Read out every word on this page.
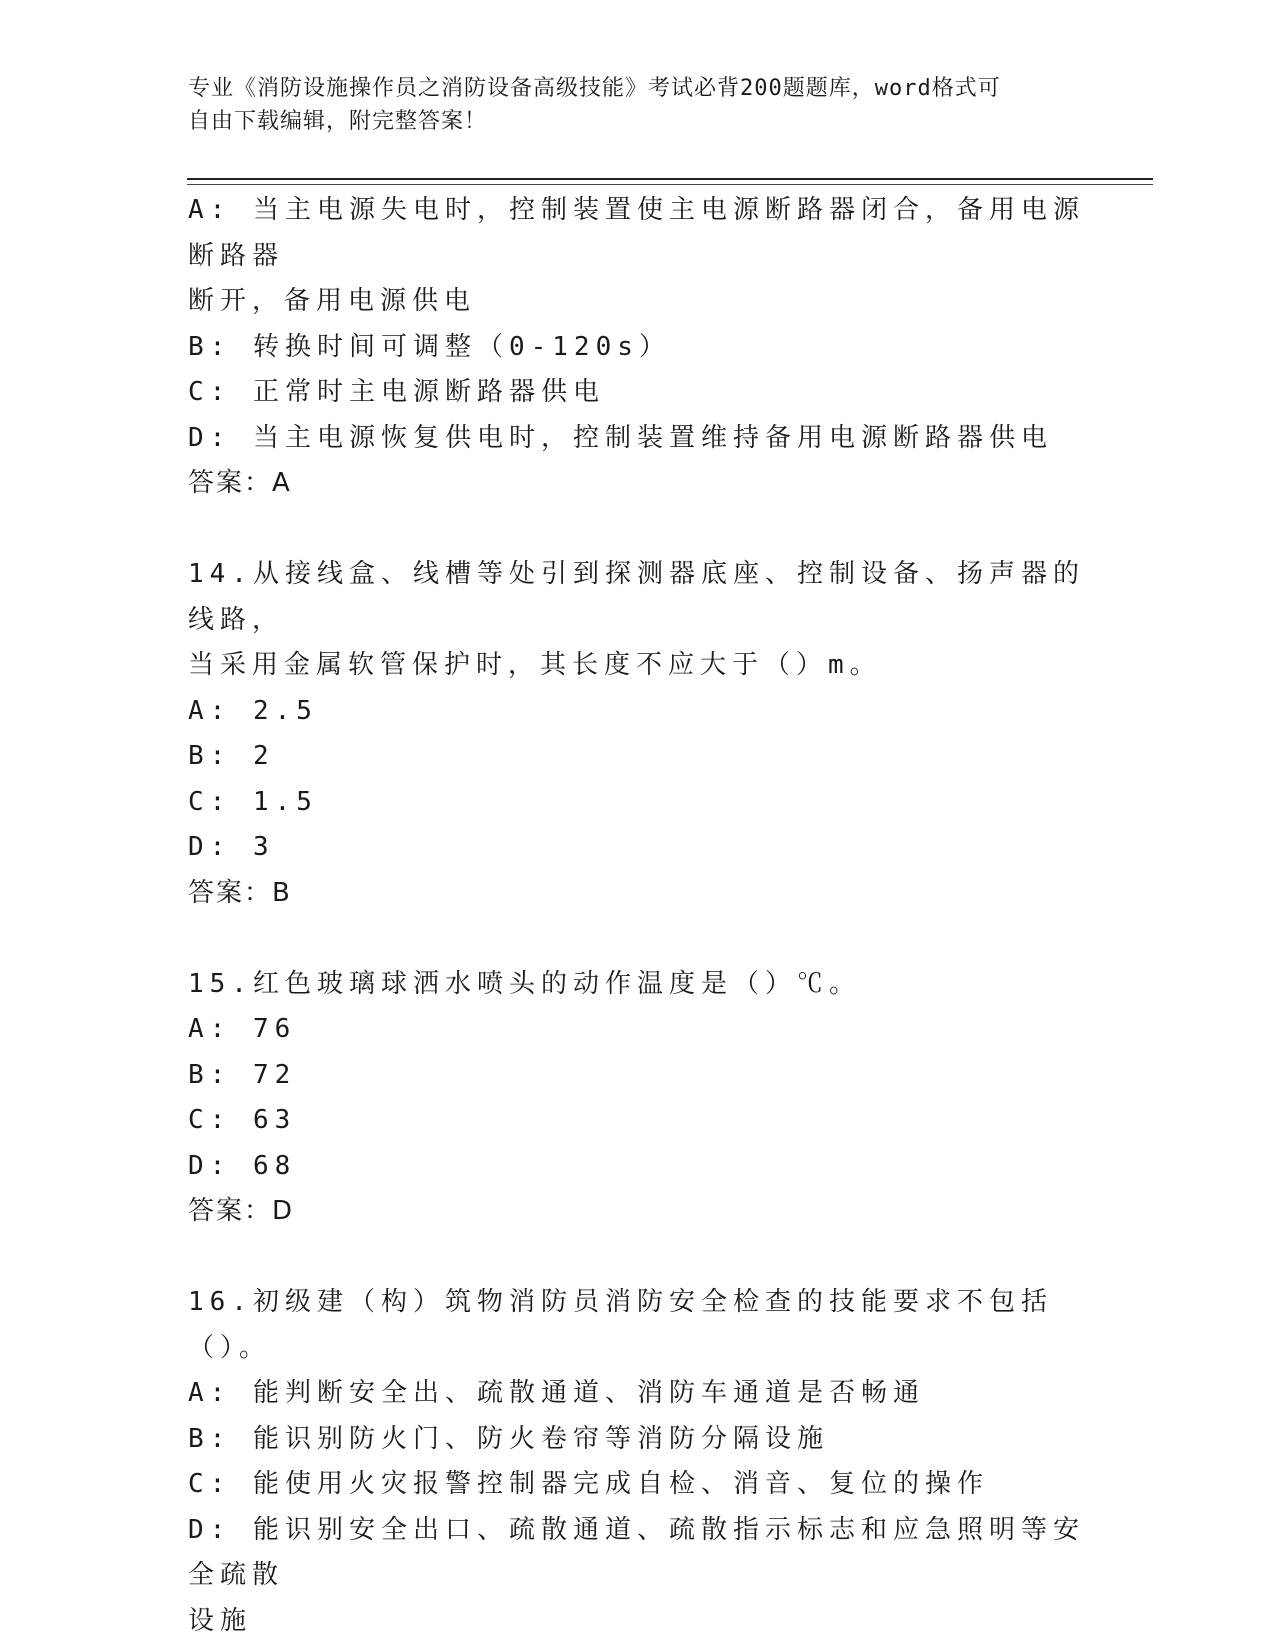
专业《消防设施操作员之消防设备高级技能》考试必背200题题库，word格式可
自由下载编辑，附完整答案！
A: 当主电源失电时，控制装置使主电源断路器闭合，备用电源断路器
断开，备用电源供电
B: 转换时间可调整（0-120s）
C: 正常时主电源断路器供电
D: 当主电源恢复供电时，控制装置维持备用电源断路器供电
答案：A
14.从接线盒、线槽等处引到探测器底座、控制设备、扬声器的线路，
当采用金属软管保护时，其长度不应大于（）m。
A: 2.5
B: 2
C: 1.5
D: 3
答案：B
15.红色玻璃球洒水喷头的动作温度是（）℃。
A: 76
B: 72
C: 63
D: 68
答案：D
16.初级建（构）筑物消防员消防安全检查的技能要求不包括（）。
A: 能判断安全出、疏散通道、消防车通道是否畅通
B: 能识别防火门、防火卷帘等消防分隔设施
C: 能使用火灾报警控制器完成自检、消音、复位的操作
D: 能识别安全出口、疏散通道、疏散指示标志和应急照明等安全疏散
设施
